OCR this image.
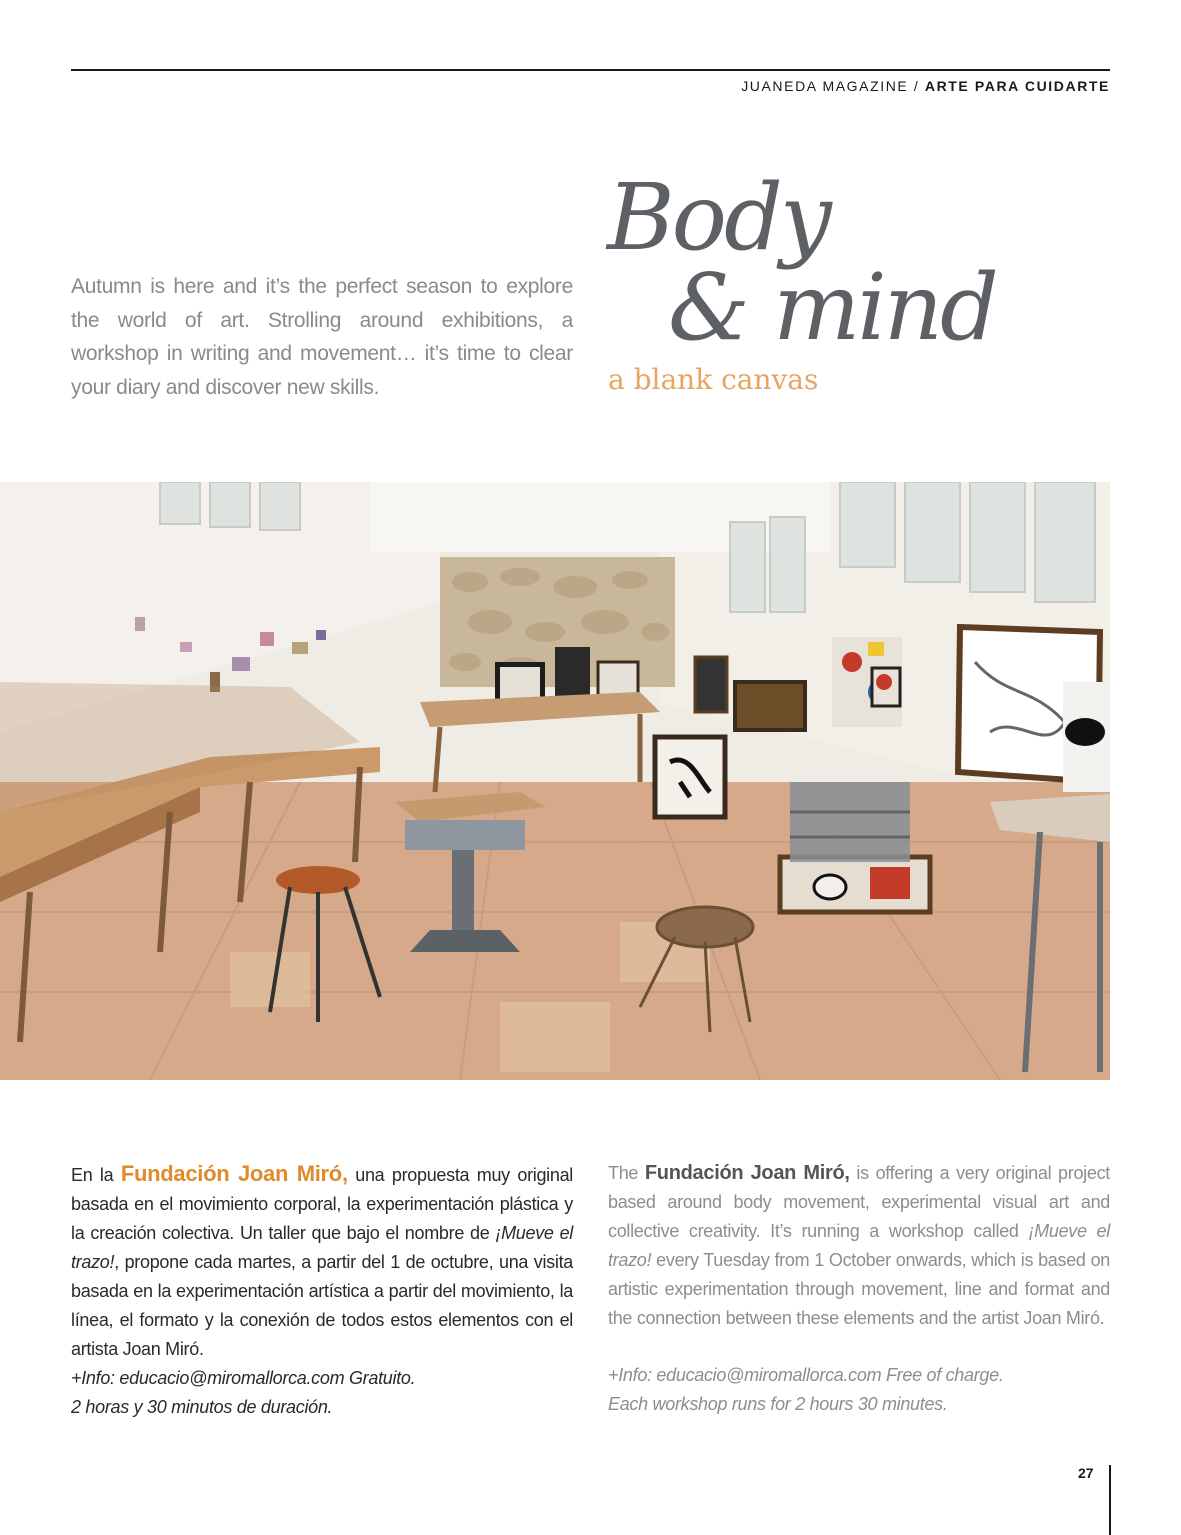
JUANEDA MAGAZINE / ARTE PARA CUIDARTE
Autumn is here and it’s the perfect season to explore the world of art. Strolling around exhibitions, a workshop in writing and movement… it’s time to clear your diary and discover new skills.
Body
& mind
a blank canvas
En la Fundación Joan Miró, una propuesta muy original basada en el movimiento corporal, la experimentación plástica y la creación colectiva. Un taller que bajo el nombre de ¡Mueve el trazo!, propone cada martes, a partir del 1 de octubre, una visita basada en la experimentación artística a partir del movimiento, la línea, el formato y la conexión de todos estos elementos con el artista Joan Miró.
+Info: educacio@miromallorca.com Gratuito.
2 horas y 30 minutos de duración.
The Fundación Joan Miró, is offering a very original project based around body movement, experimental visual art and collective creativity. It’s running a workshop called ¡Mueve el trazo! every Tuesday from 1 October onwards, which is based on artistic experimentation through movement, line and format and the connection between these elements and the artist Joan Miró.
+Info: educacio@miromallorca.com Free of charge.
Each workshop runs for 2 hours 30 minutes.
27
